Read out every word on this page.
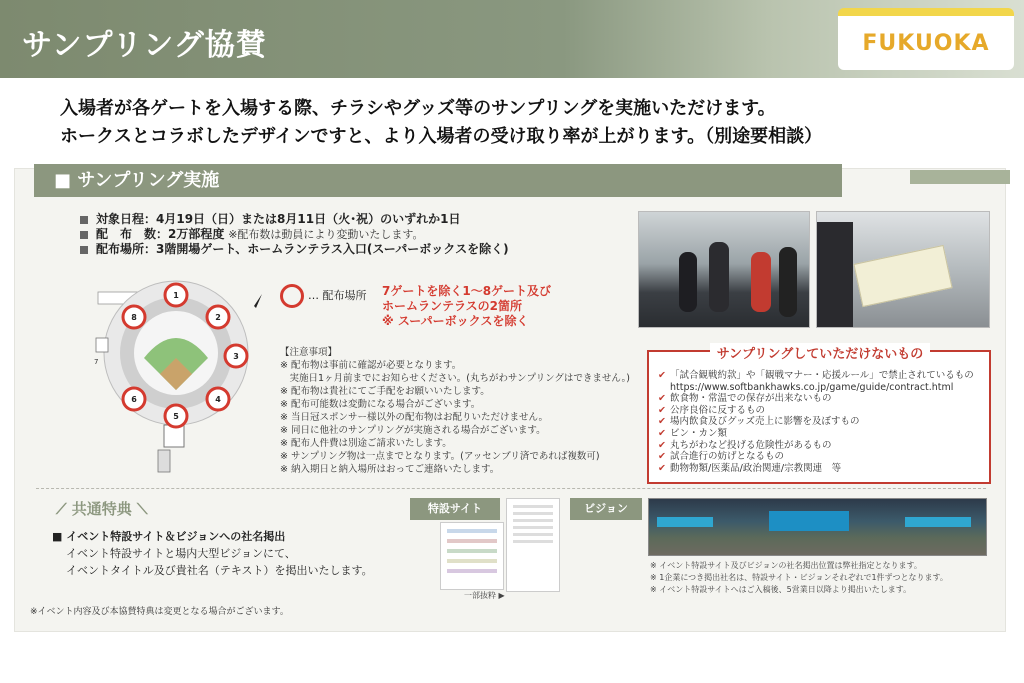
サンプリング協賛	FUKUOKA
入場者が各ゲートを入場する際、チラシやグッズ等のサンプリングを実施いただけます。
ホークスとコラボしたデザインですと、より入場者の受け取り率が上がります。（別途要相談）
■ サンプリング実施
対象日程：4月19日（日）または8月11日（火･祝）のいずれか1日
配　布　数：2万部程度
※配布数は動員により変動いたします。
配布場所：3階開場ゲート、ホームランテラス入口(スーパーボックスを除く)
7
1
2
3
4
5
6
8
… 配布場所 7ゲートを除く1～8ゲート及び
ホームランテラスの2箇所
※ スーパーボックスを除く
【注意事項】
※ 配布物は事前に確認が必要となります。
　実施日1ヶ月前までにお知らせください。(丸ちがわサンプリングはできません。)
※ 配布物は貴社にてご手配をお願いいたします。
※ 配布可能数は変動になる場合がございます。
※ 当日冠スポンサー様以外の配布物はお配りいただけません。
※ 同日に他社のサンプリングが実施される場合がございます。
※ 配布人件費は別途ご請求いたします。
※ サンプリング物は一点までとなります。(アッセンブリ済であれば複数可)
※ 納入期日と納入場所はおってご連絡いたします。
サンプリングしていただけないもの
✔ 「試合観戦約款」や「観戦マナー・応援ルール」で禁止されているもの
https://www.softbankhawks.co.jp/game/guide/contract.html
✔ 飲食物・常温での保存が出来ないもの
✔ 公序良俗に反するもの
✔ 場内飲食及びグッズ売上に影響を及ぼすもの
✔ ビン・カン類
✔ 丸ちがわなど投げる危険性があるもの
✔ 試合進行の妨げとなるもの
✔ 動物物類/医薬品/政治関連/宗教関連　等
⟋ 共通特典 ⟍
■ イベント特設サイト＆ビジョンへの社名掲出
イベント特設サイトと場内大型ビジョンにて、
イベントタイトル及び貴社名（テキスト）を掲出いたします。
特設サイト
一部抜粋 ▶
ビジョン
※ イベント特設サイト及びビジョンの社名掲出位置は弊社指定となります。
※ 1企業につき掲出社名は、特設サイト・ビジョンそれぞれで1件ずつとなります。
※ イベント特設サイトへはご入稿後、5営業日以降より掲出いたします。
※イベント内容及び本協賛特典は変更となる場合がございます。
